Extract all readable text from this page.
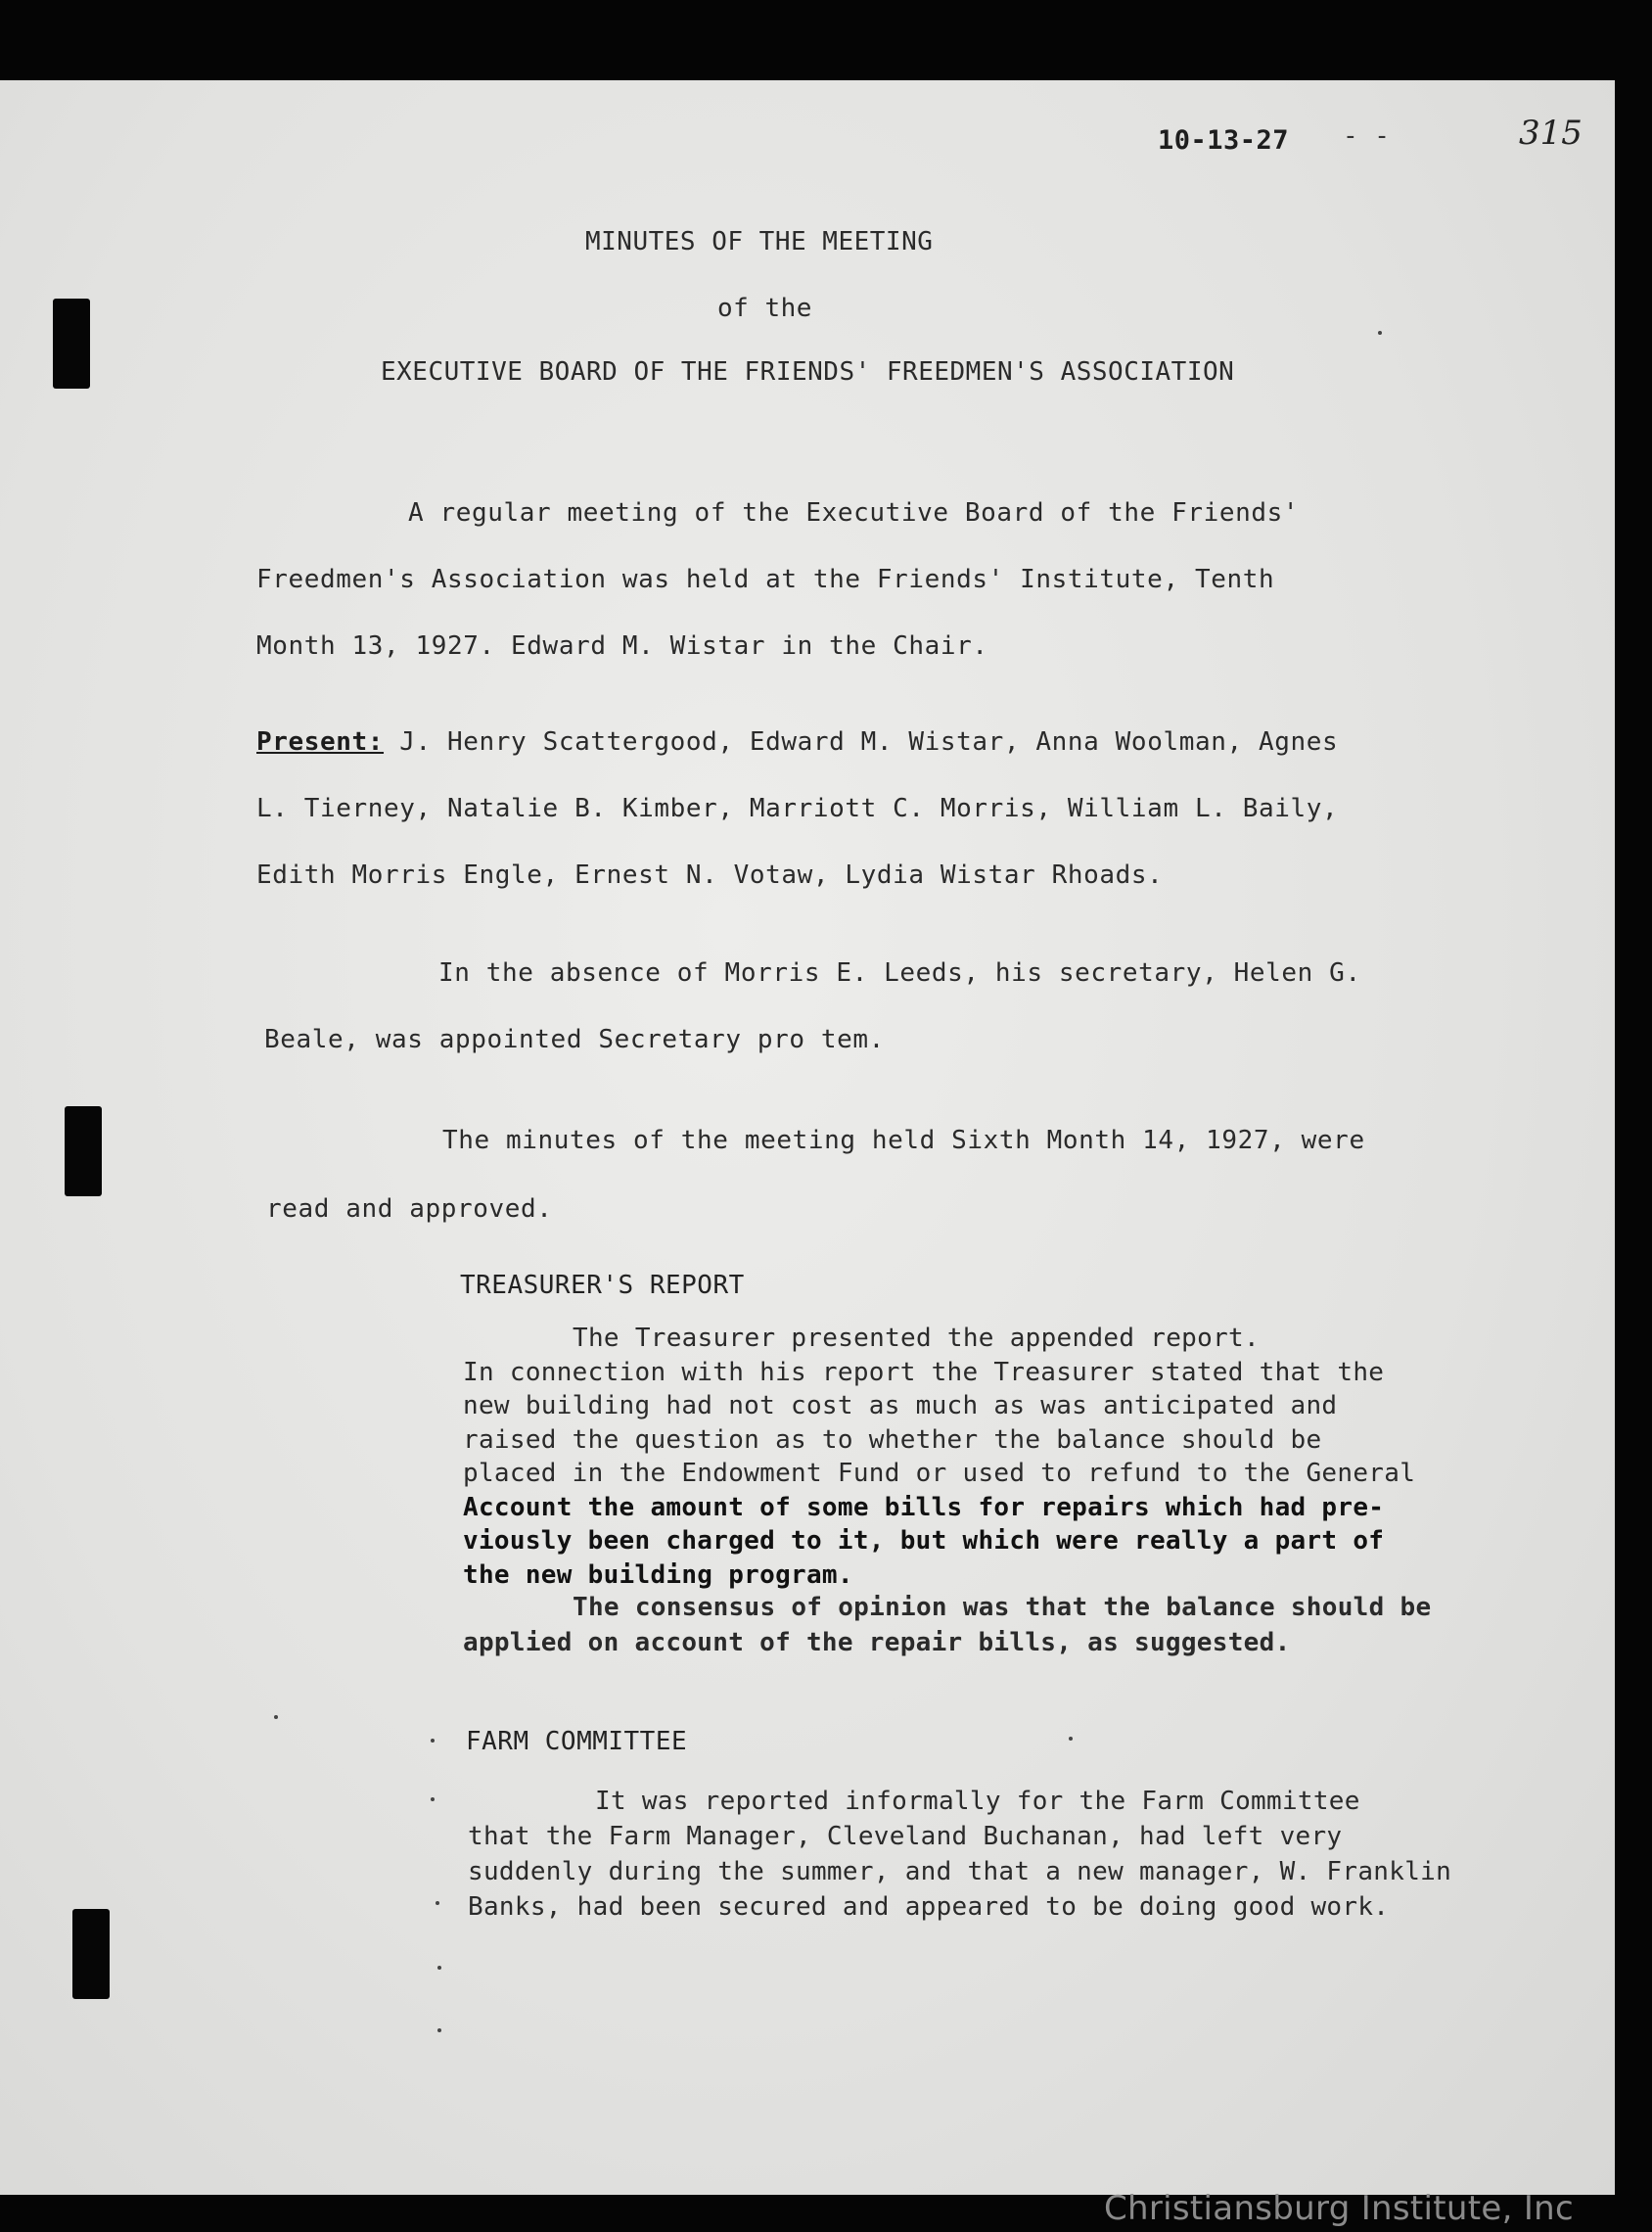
10-13-27 - -	315
MINUTES OF THE MEETING
of the
EXECUTIVE BOARD OF THE FRIENDS' FREEDMEN'S ASSOCIATION

A regular meeting of the Executive Board of the Friends'

Freedmen's Association was held at the Friends' Institute, Tenth

Month 13, 1927. Edward M. Wistar in the Chair.

Present: J. Henry Scattergood, Edward M. Wistar, Anna Woolman, Agnes

L. Tierney, Natalie B. Kimber, Marriott C. Morris, William L. Baily,

Edith Morris Engle, Ernest N. Votaw, Lydia Wistar Rhoads.

In the absence of Morris E. Leeds, his secretary, Helen G.

Beale, was appointed Secretary pro tem.

The minutes of the meeting held Sixth Month 14, 1927, were

read and approved.

TREASURER'S REPORT

The Treasurer presented the appended report.

In connection with his report the Treasurer stated that the

new building had not cost as much as was anticipated and

raised the question as to whether the balance should be

placed in the Endowment Fund or used to refund to the General

Account the amount of some bills for repairs which had pre-

viously been charged to it, but which were really a part of

the new building program.

The consensus of opinion was that the balance should be

applied on account of the repair bills, as suggested.

FARM COMMITTEE

It was reported informally for the Farm Committee

that the Farm Manager, Cleveland Buchanan, had left very

suddenly during the summer, and that a new manager, W. Franklin

Banks, had been secured and appeared to be doing good work.

Christiansburg Institute, Inc
